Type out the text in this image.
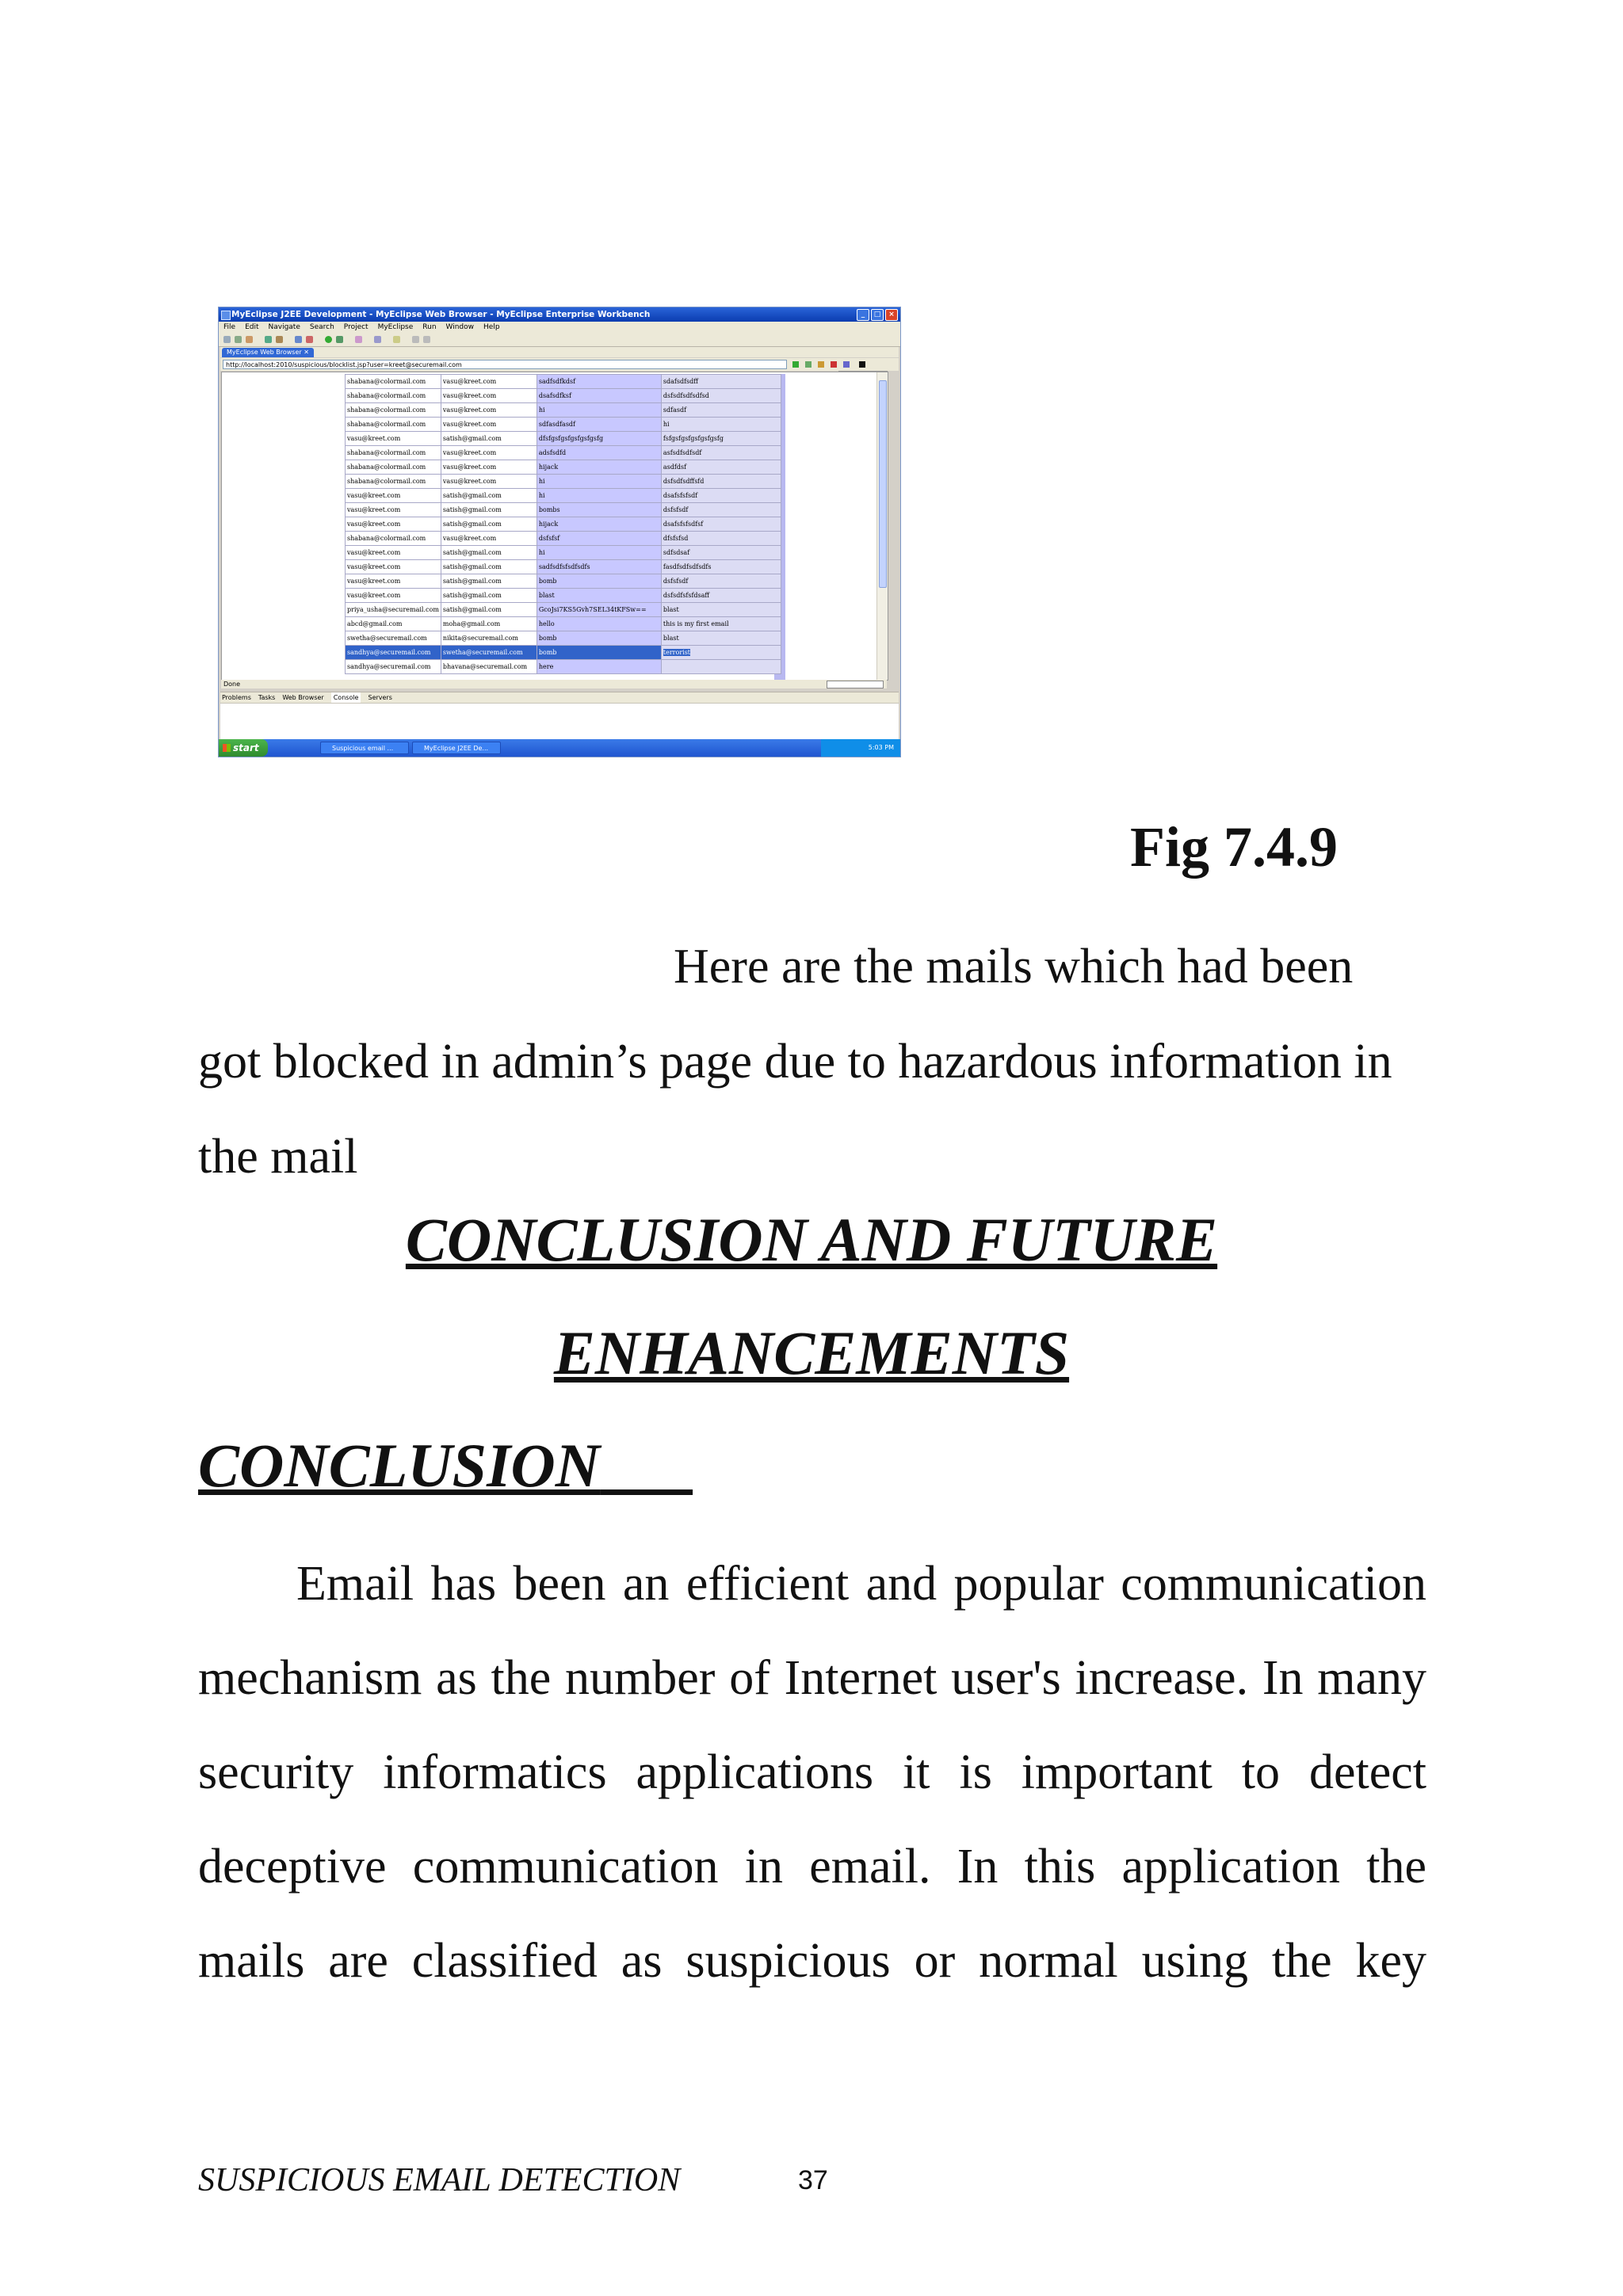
MyEclipse J2EE Development - MyEclipse Web Browser - MyEclipse Enterprise Workbench	_	□	×
File Edit Navigate Search Project MyEclipse Run Window Help
MyEclipse Web Browser ✕
http://localhost:2010/suspicious/blocklist.jsp?user=kreet@securemail.com
shabana@colormail.com	vasu@kreet.com	sadfsdfkdsf	sdafsdfsdff
shabana@colormail.com	vasu@kreet.com	dsafsdfksf	dsfsdfsdfsdfsd
shabana@colormail.com	vasu@kreet.com	hi	sdfasdf
shabana@colormail.com	vasu@kreet.com	sdfasdfasdf	hi
vasu@kreet.com	satish@gmail.com	dfsfgsfgsfgsfgsfgsfg	fsfgsfgsfgsfgsfgsfg
shabana@colormail.com	vasu@kreet.com	adsfsdfd	asfsdfsdfsdf
shabana@colormail.com	vasu@kreet.com	hijack	asdfdsf
shabana@colormail.com	vasu@kreet.com	hi	dsfsdfsdffsfd
vasu@kreet.com	satish@gmail.com	hi	dsafsfsfsdf
vasu@kreet.com	satish@gmail.com	bombs	dsfsfsdf
vasu@kreet.com	satish@gmail.com	hijack	dsafsfsfsdfsf
shabana@colormail.com	vasu@kreet.com	dsfsfsf	dfsfsfsd
vasu@kreet.com	satish@gmail.com	hi	sdfsdsaf
vasu@kreet.com	satish@gmail.com	sadfsdfsfsdfsdfs	fasdfsdfsdfsdfs
vasu@kreet.com	satish@gmail.com	bomb	dsfsfsdf
vasu@kreet.com	satish@gmail.com	blast	dsfsdfsfsfdsaff
priya_usha@securemail.com	satish@gmail.com	GcoJsi7KS5Gvh7SEL34tKFSw==	blast
abcd@gmail.com	moha@gmail.com	hello	this is my first email
swetha@securemail.com	nikita@securemail.com	bomb	blast
sandhya@securemail.com	swetha@securemail.com	bomb	terrorist
sandhya@securemail.com	bhavana@securemail.com	here	
Done
Problems Tasks Web Browser	Console	Servers
start	Suspicious email ...	MyEclipse J2EE De...	5:03 PM
Fig 7.4.9
Here are the mails which had been got blocked in admin’s page due to hazardous information in the mail
CONCLUSION AND FUTURE
ENHANCEMENTS
CONCLUSION
Email has been an efficient and popular communication mechanism as the number of Internet user's increase. In many security informatics applications it is important to detect deceptive communication in email. In this application the mails are classified as suspicious or normal using the key
SUSPICIOUS EMAIL DETECTION	37
